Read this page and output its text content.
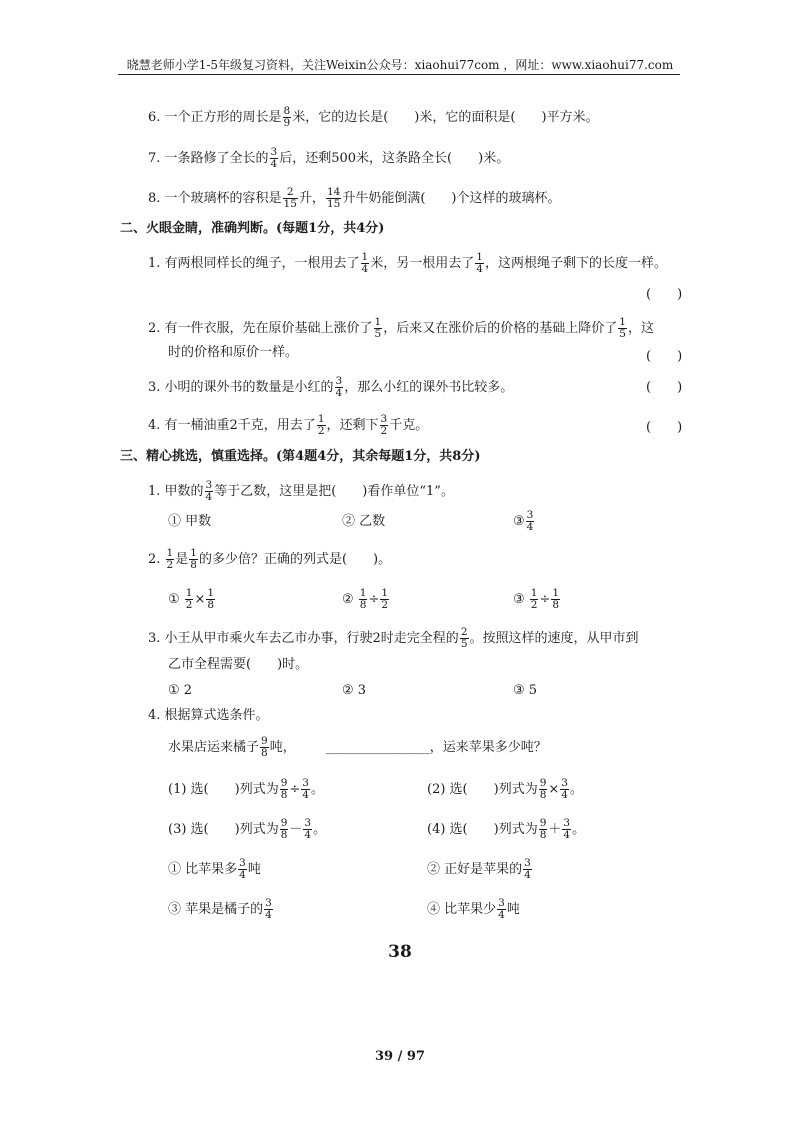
晓慧老师小学1-5年级复习资料，关注Weixin公众号：xiaohui77com ，网址：www.xiaohui77.com
6. 一个正方形的周长是 $\frac{8}{9}$ 米，它的边长是(　　)米，它的面积是(　　)平方米。
7. 一条路修了全长的 $\frac{3}{4}$ 后，还剩500米，这条路全长(　　)米。
8. 一个玻璃杯的容积是 $\frac{2}{15}$ 升， $\frac{14}{15}$ 升牛奶能倒满(　　)个这样的玻璃杯。
二、火眼金睛，准确判断。(每题1分，共4分)
1. 有两根同样长的绳子，一根用去了 $\frac{1}{4}$ 米，另一根用去了 $\frac{1}{4}$ ，这两根绳子剩下的长度一样。
(　　)
2. 有一件衣服，先在原价基础上涨价了 $\frac{1}{5}$ ，后来又在涨价后的价格的基础上降价了 $\frac{1}{5}$ ，这
时的价格和原价一样。	(　　)
3. 小明的课外书的数量是小红的 $\frac{3}{4}$ ，那么小红的课外书比较多。	(　　)
4. 有一桶油重2千克，用去了 $\frac{1}{2}$ ，还剩下 $\frac{3}{2}$ 千克。	(　　)
三、精心挑选，慎重选择。(第4题4分，其余每题1分，共8分)
1. 甲数的 $\frac{3}{4}$ 等于乙数，这里是把(　　)看作单位“1”。
① 甲数	② 乙数	③ $\frac{3}{4}$
2. $\frac{1}{2}$ 是 $\frac{1}{8}$ 的多少倍？正确的列式是(　　)。
① $\frac{1}{2} \times \frac{1}{8}$	② $\frac{1}{8} \div \frac{1}{2}$	③ $\frac{1}{2} \div \frac{1}{8}$
3. 小王从甲市乘火车去乙市办事，行驶2时走完全程的 $\frac{2}{5}$ 。按照这样的速度，从甲市到
乙市全程需要(　　)时。
① 2	② 3	③ 5
4. 根据算式选条件。
水果店运来橘子 $\frac{9}{8}$ 吨， ________________，运来苹果多少吨？
(1) 选(　　)列式为 $\frac{9}{8} \div \frac{3}{4}$ 。	(2) 选(　　)列式为 $\frac{9}{8} \times \frac{3}{4}$ 。
(3) 选(　　)列式为 $\frac{9}{8} - \frac{3}{4}$ 。	(4) 选(　　)列式为 $\frac{9}{8} + \frac{3}{4}$ 。
① 比苹果多 $\frac{3}{4}$ 吨	② 正好是苹果的 $\frac{3}{4}$
③ 苹果是橘子的 $\frac{3}{4}$	④ 比苹果少 $\frac{3}{4}$ 吨
38
39 / 97
